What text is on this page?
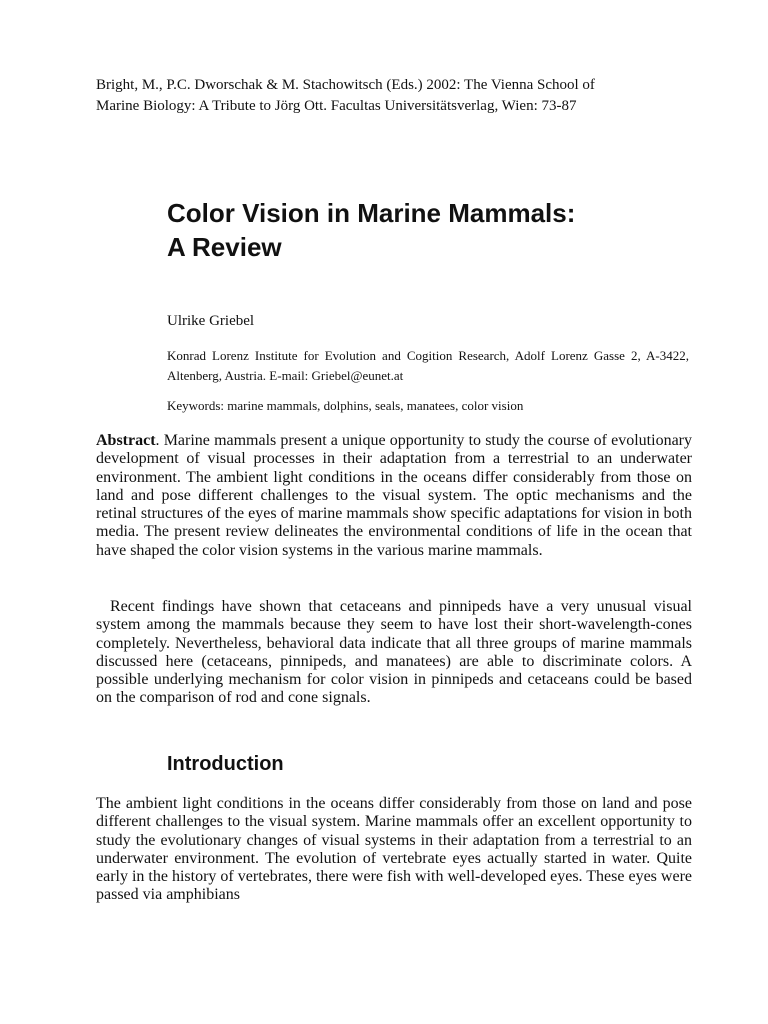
Bright, M., P.C. Dworschak & M. Stachowitsch (Eds.) 2002: The Vienna School of
Marine Biology: A Tribute to Jörg Ott. Facultas Universitätsverlag, Wien: 73-87
Color Vision in Marine Mammals:
A Review
Ulrike Griebel
Konrad Lorenz Institute for Evolution and Cogition Research, Adolf Lorenz Gasse 2, A-3422, Altenberg, Austria. E-mail: Griebel@eunet.at
Keywords: marine mammals, dolphins, seals, manatees, color vision

Abstract. Marine mammals present a unique opportunity to study the course of evolutionary development of visual processes in their adaptation from a terrestrial to an underwater environment. The ambient light conditions in the oceans differ considerably from those on land and pose different challenges to the visual system. The optic mechanisms and the retinal structures of the eyes of marine mammals show specific adaptations for vision in both media. The present review delineates the environmental conditions of life in the ocean that have shaped the color vision systems in the various marine mammals.

Recent findings have shown that cetaceans and pinnipeds have a very unusual visual system among the mammals because they seem to have lost their short-wavelength-cones completely. Nevertheless, behavioral data indicate that all three groups of marine mammals discussed here (cetaceans, pinnipeds, and manatees) are able to discriminate colors. A possible underlying mechanism for color vision in pinnipeds and cetaceans could be based on the comparison of rod and cone signals.

Introduction

The ambient light conditions in the oceans differ considerably from those on land and pose different challenges to the visual system. Marine mammals offer an excellent opportunity to study the evolutionary changes of visual systems in their adaptation from a terrestrial to an underwater environment. The evolution of vertebrate eyes actually started in water. Quite early in the history of vertebrates, there were fish with well-developed eyes. These eyes were passed via amphibians
